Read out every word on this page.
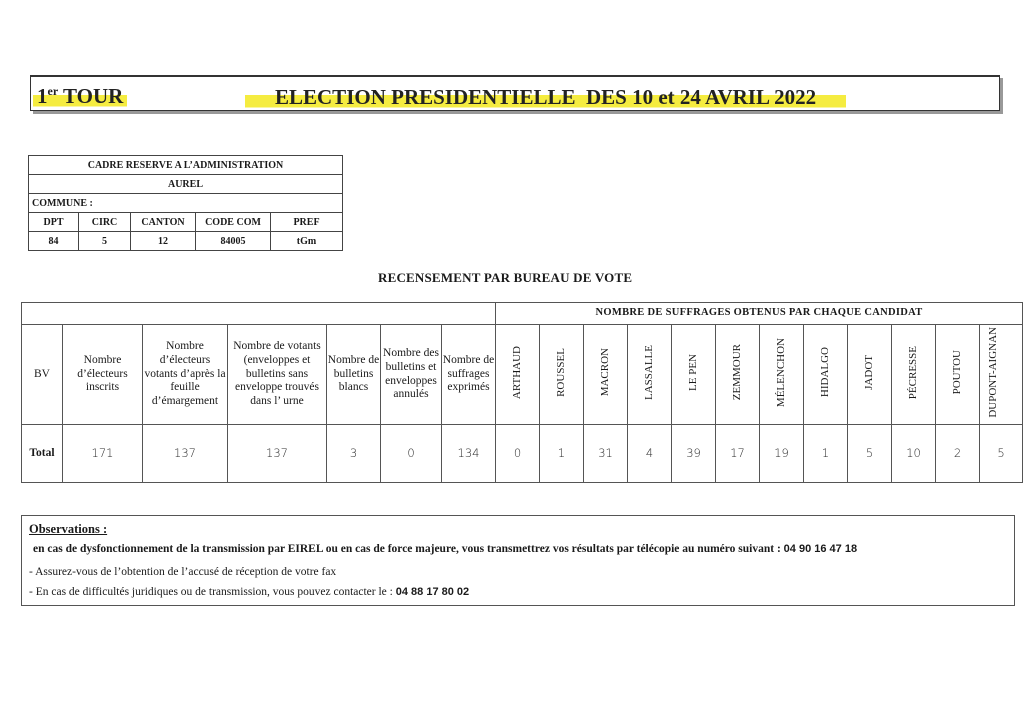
1er TOUR	ELECTION PRESIDENTIELLE  DES 10 et 24 AVRIL 2022
CADRE RESERVE A L’ADMINISTRATION				
AUREL				
COMMUNE :				
DPT	CIRC	CANTON	CODE COM	PREF
84	5	12	84005	tGm
RECENSEMENT PAR BUREAU DE VOTE
							NOMBRE DE SUFFRAGES OBTENUS PAR CHAQUE CANDIDAT											
BV	Nombre d’électeurs inscrits	Nombre d’électeurs votants d’après la feuille d’émargement	Nombre de votants (enveloppes et bulletins sans enveloppe trouvés dans l’ urne	Nombre de bulletins blancs	Nombre des bulletins et enveloppes annulés	Nombre de suffrages exprimés	ARTHAUD	ROUSSEL	MACRON	LASSALLE	LE PEN	ZEMMOUR	MÉLENCHON	HIDALGO	JADOT	PÉCRESSE	POUTOU	DUPONT-AIGNAN
Total	171	137	137	3	0	134	0	1	31	4	39	17	19	1	5	10	2	5
Observations :
en cas de dysfonctionnement de la transmission par EIREL ou en cas de force majeure, vous transmettrez vos résultats par télécopie au numéro suivant : 04 90 16 47 18
- Assurez-vous de l’obtention de l’accusé de réception de votre fax
- En cas de difficultés juridiques ou de transmission, vous pouvez contacter le : 04 88 17 80 02
